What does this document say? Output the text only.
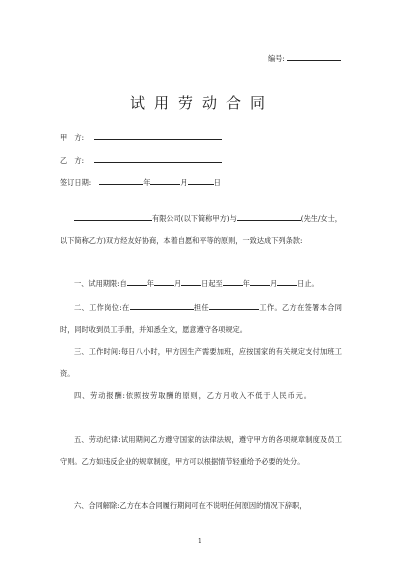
编号:
试用劳动合同
甲　方:
乙　方:
签订日期:	年	月	日
有限公司(以下简称甲方)与	(先生/女士，以下简称乙方)双方经友好协商，本着自愿和平等的原则，一致达成下列条款:
一、试用期限:自	年	月	日起至	年	月	日止。
二、工作岗位:在	担任	工作。乙方在签署本合同时，同时收到员工手册，并知悉全文，愿意遵守各项规定。
三、工作时间:每日八小时，甲方因生产需要加班，应按国家的有关规定支付加班工资。
四、劳动报酬:依照按劳取酬的原则，乙方月收入不低于人民币元。
五、劳动纪律:试用期间乙方遵守国家的法律法规，遵守甲方的各项规章制度及员工守则。乙方如违反企业的规章制度，甲方可以根据情节轻重给予必要的处分。
六、合同解除:乙方在本合同履行期间可在不说明任何原因的情况下辞职，
1
